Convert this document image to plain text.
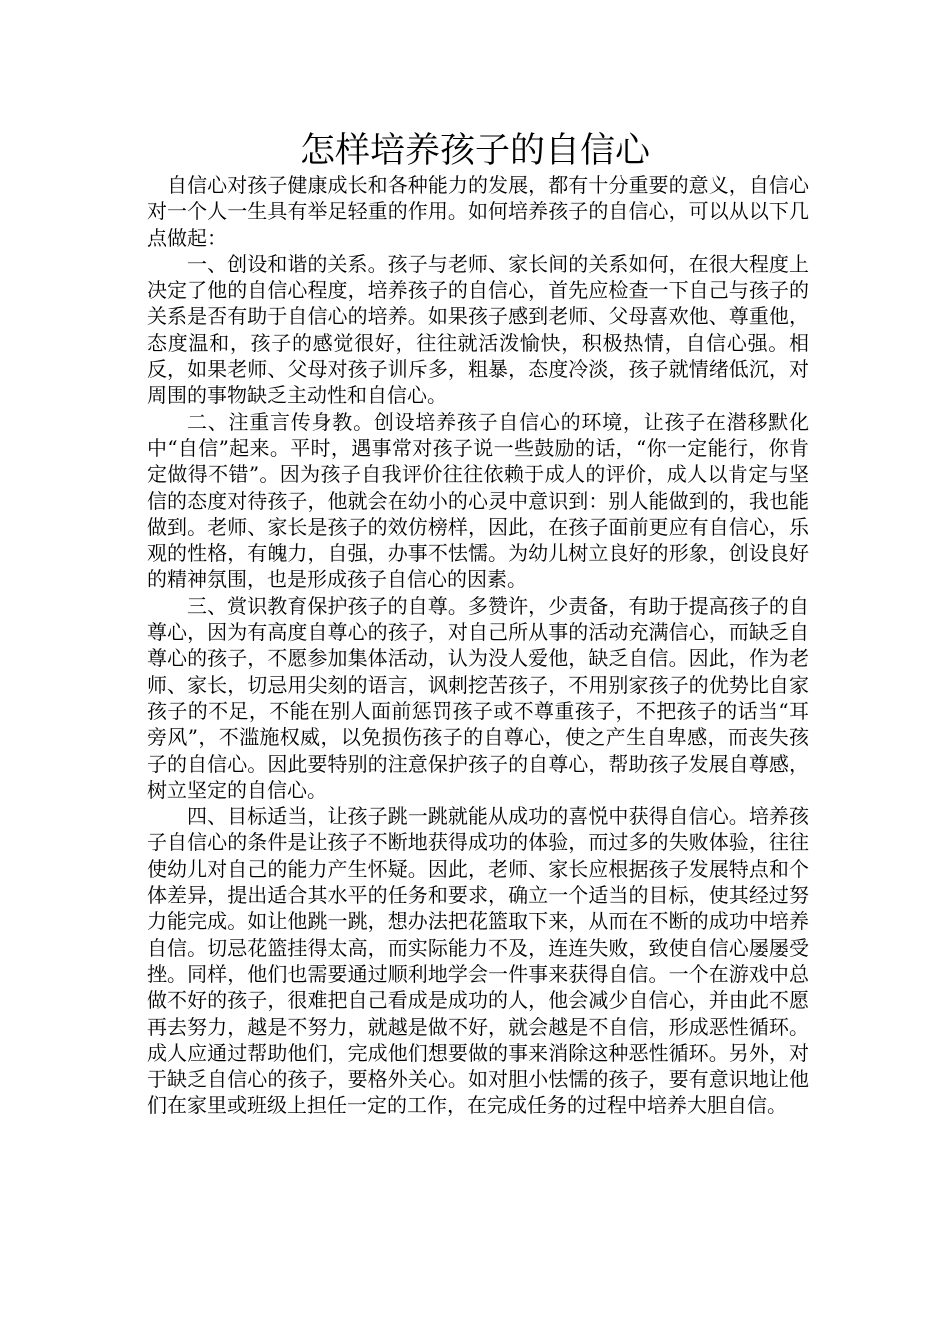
怎样培养孩子的自信心

自信心对孩子健康成长和各种能力的发展，都有十分重要的意义，自信心对一个人一生具有举足轻重的作用。如何培养孩子的自信心，可以从以下几点做起：

一、创设和谐的关系。孩子与老师、家长间的关系如何，在很大程度上决定了他的自信心程度，培养孩子的自信心，首先应检查一下自己与孩子的关系是否有助于自信心的培养。如果孩子感到老师、父母喜欢他、尊重他，态度温和，孩子的感觉很好，往往就活泼愉快，积极热情，自信心强。相反，如果老师、父母对孩子训斥多，粗暴，态度冷淡，孩子就情绪低沉，对周围的事物缺乏主动性和自信心。

二、注重言传身教。创设培养孩子自信心的环境，让孩子在潜移默化中“自信”起来。平时，遇事常对孩子说一些鼓励的话，“你一定能行，你肯定做得不错”。因为孩子自我评价往往依赖于成人的评价，成人以肯定与坚信的态度对待孩子，他就会在幼小的心灵中意识到：别人能做到的，我也能做到。老师、家长是孩子的效仿榜样，因此，在孩子面前更应有自信心，乐观的性格，有魄力，自强，办事不怯懦。为幼儿树立良好的形象，创设良好的精神氛围，也是形成孩子自信心的因素。

三、赏识教育保护孩子的自尊。多赞许，少责备，有助于提高孩子的自尊心，因为有高度自尊心的孩子，对自己所从事的活动充满信心，而缺乏自尊心的孩子，不愿参加集体活动，认为没人爱他，缺乏自信。因此，作为老师、家长，切忌用尖刻的语言，讽刺挖苦孩子，不用别家孩子的优势比自家孩子的不足，不能在别人面前惩罚孩子或不尊重孩子，不把孩子的话当“耳旁风”，不滥施权威，以免损伤孩子的自尊心，使之产生自卑感，而丧失孩子的自信心。因此要特别的注意保护孩子的自尊心，帮助孩子发展自尊感，树立坚定的自信心。

四、目标适当，让孩子跳一跳就能从成功的喜悦中获得自信心。培养孩子自信心的条件是让孩子不断地获得成功的体验，而过多的失败体验，往往使幼儿对自己的能力产生怀疑。因此，老师、家长应根据孩子发展特点和个体差异，提出适合其水平的任务和要求，确立一个适当的目标，使其经过努力能完成。如让他跳一跳，想办法把花篮取下来，从而在不断的成功中培养自信。切忌花篮挂得太高，而实际能力不及，连连失败，致使自信心屡屡受挫。同样，他们也需要通过顺利地学会一件事来获得自信。一个在游戏中总做不好的孩子，很难把自己看成是成功的人，他会减少自信心，并由此不愿再去努力，越是不努力，就越是做不好，就会越是不自信，形成恶性循环。成人应通过帮助他们，完成他们想要做的事来消除这种恶性循环。另外，对于缺乏自信心的孩子，要格外关心。如对胆小怯懦的孩子，要有意识地让他们在家里或班级上担任一定的工作，在完成任务的过程中培养大胆自信。
